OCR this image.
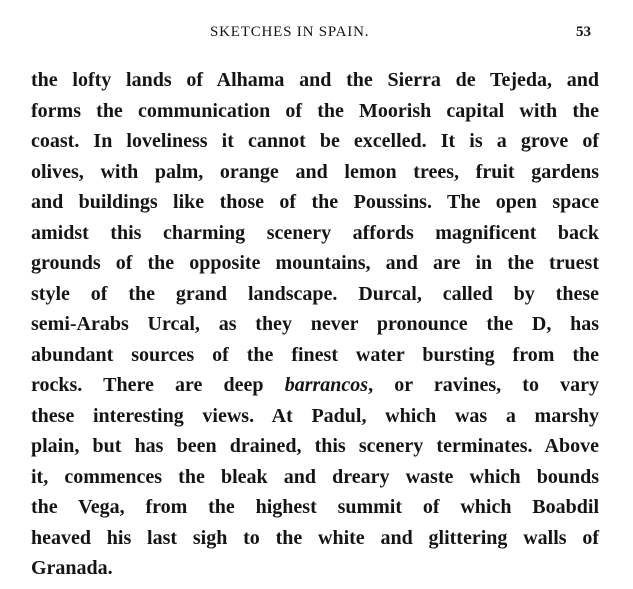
SKETCHES IN SPAIN.	53
the lofty lands of Alhama and the Sierra de Tejeda, and
forms the communication of the Moorish capital with the
coast. In loveliness it cannot be excelled. It is a grove of
olives, with palm, orange and lemon trees, fruit gardens
and buildings like those of the Poussins. The open space
amidst this charming scenery affords magnificent back
grounds of the opposite mountains, and are in the truest
style of the grand landscape. Durcal, called by these
semi-Arabs Urcal, as they never pronounce the D, has
abundant sources of the finest water bursting from the
rocks. There are deep barrancos, or ravines, to vary
these interesting views. At Padul, which was a marshy
plain, but has been drained, this scenery terminates. Above
it, commences the bleak and dreary waste which bounds
the Vega, from the highest summit of which Boabdil
heaved his last sigh to the white and glittering walls of
Granada.
